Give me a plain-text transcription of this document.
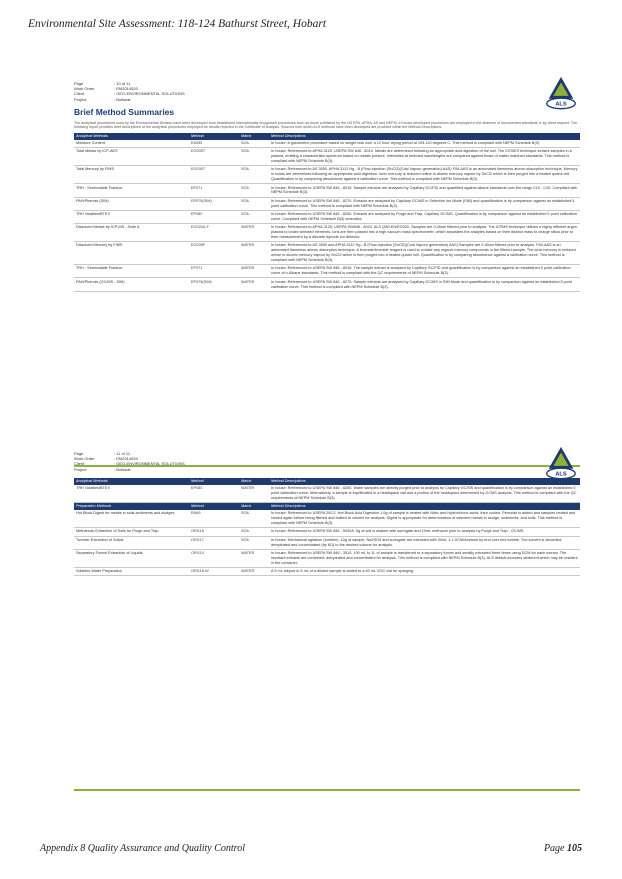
Environmental Site Assessment: 118-124 Bathurst Street, Hobart
Page	: 10 of 11
Work Order	: EM2014520
Client	: GEO-ENVIRONMENTAL SOLUTIONS
Project	: Bullseat
ALS
Brief Method Summaries
The analytical procedures used by the Environmental Division have been developed from established internationally recognised procedures such as those published by the US EPA, APHA, AS and NEPM. In house developed procedures are employed in the absence of documented standards or by client request. The following report provides brief descriptions of the analytical procedures employed for results reported in the Certificate of Analysis. Sources from which ALS methods have been developed are provided within the Method Descriptions.
Analytical Methods	Method	Matrix	Method Descriptions
Moisture Content	EA055	SOIL	In house: A gravimetric procedure based on weight loss over a 12 hour drying period at 105-110 degrees C. This method is compliant with NEPM Schedule B(3).
Total Metals by ICP-AES	EG005T	SOIL	In house: Referenced to APHA 3120; USEPA SW 846 - 6010. Metals are determined following an appropriate acid digestion of the soil. The ICPAES technique ionises samples in a plasma, emitting a characteristic spectrum based on metals present. Intensities at selected wavelengths are compared against those of matrix matched standards. This method is compliant with NEPM Schedule B(3).
Total Mercury by FIMS	EG035T	SOIL	In house: Referenced to AS 3550, APHA 3112 Hg - B (Flow-injection (SnCl2)(Cold Vapour generation) AAS) FIM-AAS is an automated flameless atomic absorption technique. Mercury in solids are determined following an appropriate acid digestion. Ionic mercury is reduced online to atomic mercury vapour by SnCl2 which is then purged into a heated quartz cell. Quantification is by comparing absorbance against a calibration curve. This method is compliant with NEPM Schedule B(3).
TRH - Semivolatile Fraction	EP071	SOIL	In house: Referenced to USEPA SW 846 - 8015. Sample extracts are analysed by Capillary GC/FID and quantified against alkane standards over the range C10 - C40. Compliant with NEPM Schedule B(3).
PAH/Phenols (SIM)	EP075(SIM)	SOIL	In house: Referenced to USEPA SW 846 - 8270. Extracts are analysed by Capillary GC/MS in Selective Ion Mode (SIM) and quantification is by comparison against an established 5 point calibration curve. This method is compliant with NEPM Schedule B(3).
TRH Volatiles/BTEX	EP080	SOIL	In house: Referenced to USEPA SW 846 - 8260. Extracts are analysed by Purge and Trap, Capillary GC/MS. Quantification is by comparison against an established 5 point calibration curve. Compliant with NEPM Schedule B(3) amended.
Dissolved Metals by ICP-MS - Suite A	EG020A-F	WATER	In house: Referenced to APHA 3125; USEPA SW846 - 6020, ALS QWI-EN/EG020. Samples are 0.45um filtered prior to analysis. The ICPMS technique utilizes a highly efficient argon plasma to ionize selected elements. Ions are then passed into a high vacuum mass spectrometer, which separates the analytes based on their distinct mass to charge ratios prior to their measurement by a discrete dynode ion detector.
Dissolved Mercury by FIMS	EG035F	WATER	In house: Referenced to AS 3550 and APHA 3112 Hg - B (Flow-injection (SnCl2)(Cold Vapour generation) AAS) Samples are 0.45um filtered prior to analysis. FIM-AAS is an automated flameless atomic absorption technique. A bromate/bromide reagent is used to oxidise any organic mercury compounds in the filtered sample. The ionic mercury is reduced online to atomic mercury vapour by SnCl2 which is then purged into a heated quartz cell. Quantification is by comparing absorbance against a calibration curve. This method is compliant with NEPM Schedule B(3).
TRH - Semivolatile Fraction	EP071	WATER	In house: Referenced to USEPA SW 846 - 8015. The sample extract is analysed by Capillary GC/FID and quantification is by comparison against an established 5 point calibration curve of n-Alkane standards. This method is compliant with the QC requirements of NEPM Schedule B(3).
PAH/Phenols (GC/MS - SIM)	EP075(SIM)	WATER	In house: Referenced to USEPA SW 846 - 8270. Sample extracts are analysed by Capillary GC/MS in SIM Mode and quantification is by comparison against an established 5 point calibration curve. This method is compliant with NEPM Schedule B(3).
Page	: 11 of 11
Work Order	: EM2014520
Client	: GEO-ENVIRONMENTAL SOLUTIONS
Project	: Bullseat
ALS
Analytical Methods	Method	Matrix	Method Descriptions
TRH Volatiles/BTEX	EP080	WATER	In house: Referenced to USEPA SW 846 - 8260. Water samples are directly purged prior to analysis by Capillary GC/MS and quantification is by comparison against an established 5 point calibration curve. Alternatively, a sample is equilibrated in a headspace vial and a portion of the headspace determined by GCMS analysis. This method is compliant with the QC requirements of NEPM Schedule B(3).
Preparation Methods	Method	Matrix	Method Descriptions
Hot Block Digest for metals in soils sediments and sludges	EN69	SOIL	In house: Referenced to USEPA 200.2. Hot Block Acid Digestion 1.0g of sample is heated with Nitric and Hydrochloric acids, then cooled. Peroxide is added and samples heated and cooled again before being filtered and bulked to volume for analysis. Digest is appropriate for determination of selected metals in sludge, sediments, and soils. This method is compliant with NEPM Schedule B(3).
Methanolic Extraction of Soils for Purge and Trap	ORG16	SOIL	In house: Referenced to USEPA SW 846 - 5030A. 5g of soil is shaken with surrogate and 10mL methanol prior to analysis by Purge and Trap - GC/MS.
Tumbler Extraction of Solids	ORG17	SOIL	In house: Mechanical agitation (tumbler). 10g of sample, Na2SO4 and surrogate are extracted with 30mL 1:1 DCM/Acetone by end over end tumble. The solvent is decanted, dehydrated and concentrated (by KD) to the desired volume for analysis.
Separatory Funnel Extraction of Liquids	ORG14	WATER	In house: Referenced to USEPA SW 846 - 3510. 100 mL to 1L of sample is transferred to a separatory funnel and serially extracted three times using DCM for each extract. The resultant extracts are combined, dehydrated and concentrated for analysis. This method is compliant with NEPM Schedule B(3). ALS default excludes sediment which may be resident in the container.
Volatiles Water Preparation	ORG16-W	WATER	A 5 mL aliquot or 5 mL of a diluted sample is added to a 40 mL VOC vial for sparging.
Appendix 8 Quality Assurance and Quality Control	Page 105
